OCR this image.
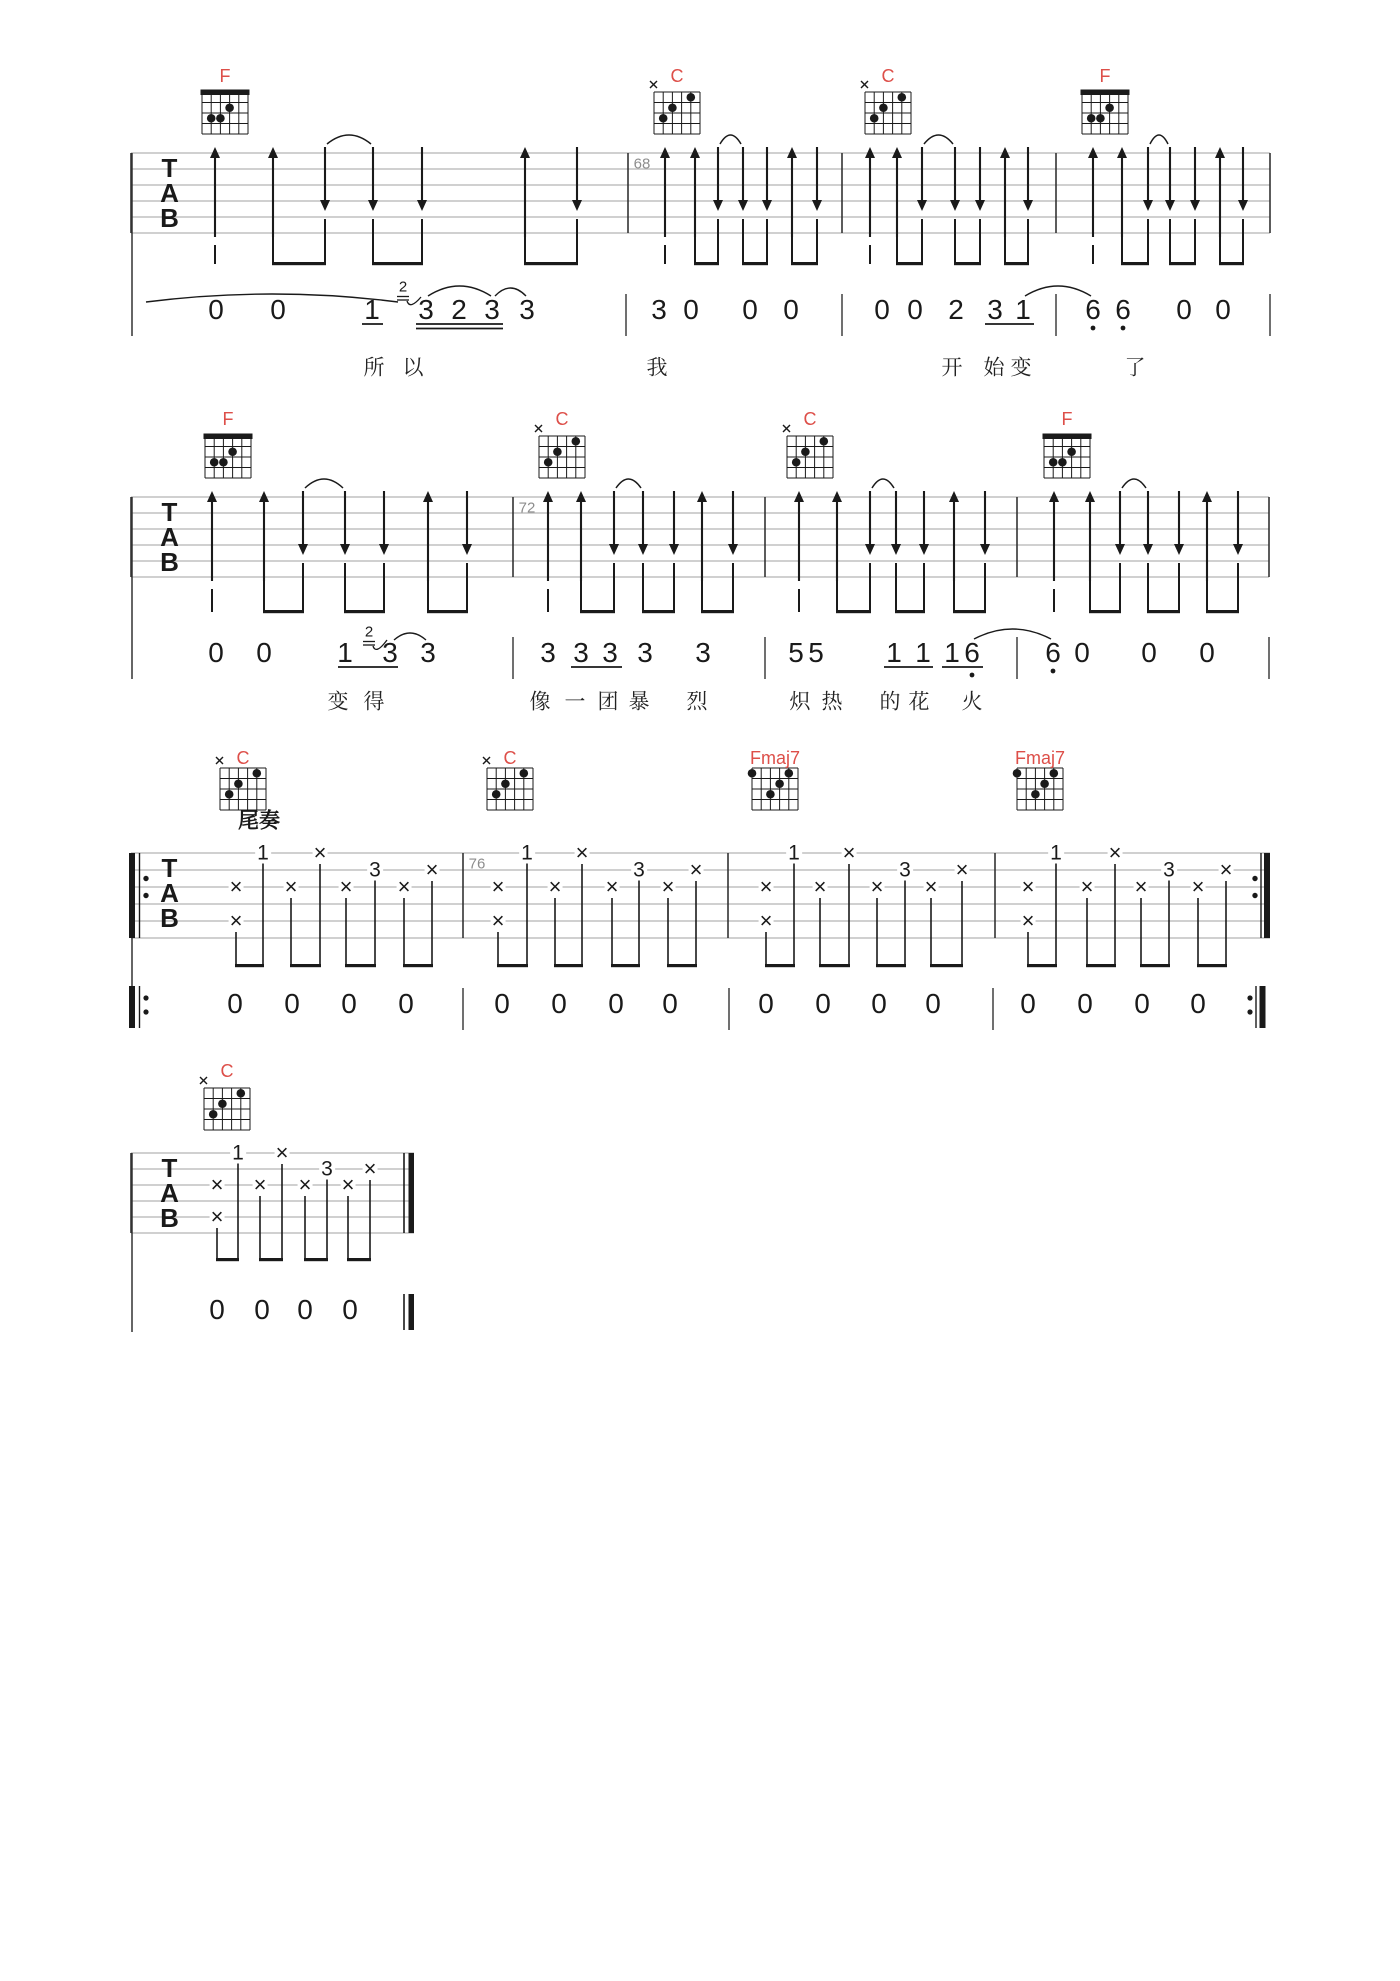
T
A
B
F	C	C	F
68
0 0	1 3 2 3 3	3 0 0 0	0 0 2 3 1 6 6 0 0
2
所 以	我	开 始 变	了
T
A
B
F	C	C	F
72
0 0 1 3 3	3 3 3 3 3	5 5 1 1 1 6 6 0 0 0
2
变 得	像 一 团 暴 烈	炽 热 的 花 火
T
A
B
C	C	Fmaj7	Fmaj7
尾奏
76
×
×
1
×
×
×
3
×
×
×
×
1
×
×
×
3
×
×
×
×
1
×
×
×
3
×
×
×
×
1
×
×
×
3
×
×
0 0 0 0	0 0 0 0	0 0 0 0	0 0 0 0
T
A
B
C
×
×
1
×
×
×
3
×
×
0 0 0 0
